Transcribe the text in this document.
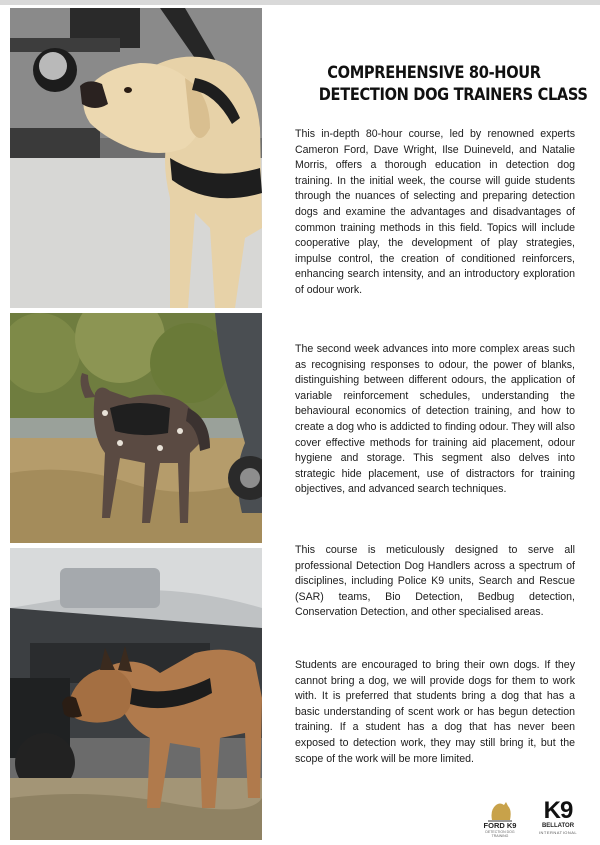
COMPREHENSIVE 80-HOUR
DETECTION DOG TRAINERS CLASS

This in-depth 80-hour course, led by renowned experts Cameron Ford, Dave Wright, Ilse Duineveld, and Natalie Morris, offers a thorough education in detection dog training. In the initial week, the course will guide students through the nuances of selecting and preparing detection dogs and examine the advantages and disadvantages of common training methods in this field. Topics will include cooperative play, the development of play strategies, impulse control, the creation of conditioned reinforcers, enhancing search intensity, and an introductory exploration of odour work.

The second week advances into more complex areas such as recognising responses to odour, the power of blanks, distinguishing between different odours, the application of variable reinforcement schedules, understanding the behavioural economics of detection training, and how to create a dog who is addicted to finding odour. They will also cover effective methods for training aid placement, odour hygiene and storage. This segment also delves into strategic hide placement, use of distractors for training objectives, and advanced search techniques.

This course is meticulously designed to serve all professional Detection Dog Handlers across a spectrum of disciplines, including Police K9 units, Search and Rescue (SAR) teams, Bio Detection, Bedbug detection, Conservation Detection, and other specialised areas.

Students are encouraged to bring their own dogs. If they cannot bring a dog, we will provide dogs for them to work with. It is preferred that students bring a dog that has a basic understanding of scent work or has begun detection training. If a student has a dog that has never been exposed to detection work, they may still bring it, but the scope of the work will be more limited.

FORD K9
DETECTION DOG TRAINING
K9
BELLATOR
INTERNATIONAL
